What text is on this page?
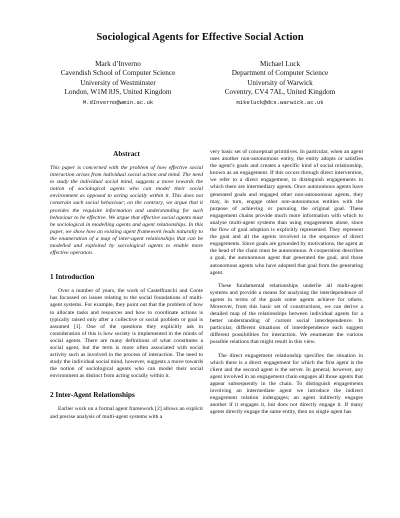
Sociological Agents for Effective Social Action
Mark d’Inverno
Cavendish School of Computer Science
University of Westminster
London, W1M 8JS, United Kingdom
M.dInverno@wmin.ac.uk
Michael Luck
Department of Computer Science
University of Warwick
Coventry, CV4 7AL, United Kingdom
mikeluck@dcs.warwick.ac.uk
Abstract

This paper is concerned with the problem of how effective social interaction arises from individual social action and mind. The need to study the individual social mind, suggests a move towards the notion of sociological agents who can model their social environment as opposed to acting socially within it. This does not constrain such social behaviour; on the contrary, we argue that it provides the requisite information and understanding for such behaviour to be effective. We argue that effective social agents must be sociological in modelling agents and agent relationships. In this paper, we show how an existing agent framework leads naturally to the enumeration of a map of inter-agent relationships that can be modelled and exploited by sociological agents to enable more effective operation.

1 Introduction

Over a number of years, the work of Castelfranchi and Conte has focussed on issues relating to the social foundations of multi-agent systems. For example, they point out that the problem of how to allocate tasks and resources and how to coordinate actions is typically raised only after a collective or social problem or goal is assumed [1]. One of the questions they explicitly ask in consideration of this is how society is implemented in the minds of social agents. There are many definitions of what constitutes a social agent, but the term is more often associated with social activity such as involved in the process of interaction. The need to study the individual social mind, however, suggests a move towards the notion of sociological agents who can model their social environment as distinct from acting socially within it.

2 Inter-Agent Relationships

Earlier work on a formal agent framework [2] allows an explicit and precise analysis of multi-agent systems with a

very basic set of conceptual primitives. In particular, when an agent uses another non-autonomous entity, the entity adopts or satisfies the agent’s goals and creates a specific kind of social relationship, known as an engagement. If this occurs through direct intervention, we refer to a direct engagement, to distinguish engagements in which there are intermediary agents. Once autonomous agents have generated goals and engaged other non-autonomous agents, they may, in turn, engage other non-autonomous entities with the purpose of achieving or pursuing the original goal. These engagement chains provide much more information with which to analyse multi-agent systems than using engagements alone, since the flow of goal adoption is explicitly represented. They represent the goal and all the agents involved in the sequence of direct engagements. Since goals are grounded by motivations, the agent at the head of the chain must be autonomous. A cooperation describes a goal, the autonomous agent that generated the goal, and those autonomous agents who have adopted that goal from the generating agent.

These fundamental relationships underlie all multi-agent systems and provide a means for analysing the interdependence of agents in terms of the goals some agents achieve for others. Moreover, from this basic set of constructions, we can derive a detailed map of the relationships between individual agents for a better understanding of current social interdependence. In particular, different situations of interdependence each suggest different possibilities for interaction. We enumerate the various possible relations that might result in this view.

The direct engagement relationship specifies the situation in which there is a direct engagement for which the first agent is the client and the second agent is the server. In general, however, any agent involved in an engagement chain engages all those agents that appear subsequently in the chain. To distinguish engagements involving an intermediate agent we introduce the indirect engagement relation indengages; an agent indirectly engages another if it engages it, but does not directly engage it. If many agents directly engage the same entity, then no single agent has
